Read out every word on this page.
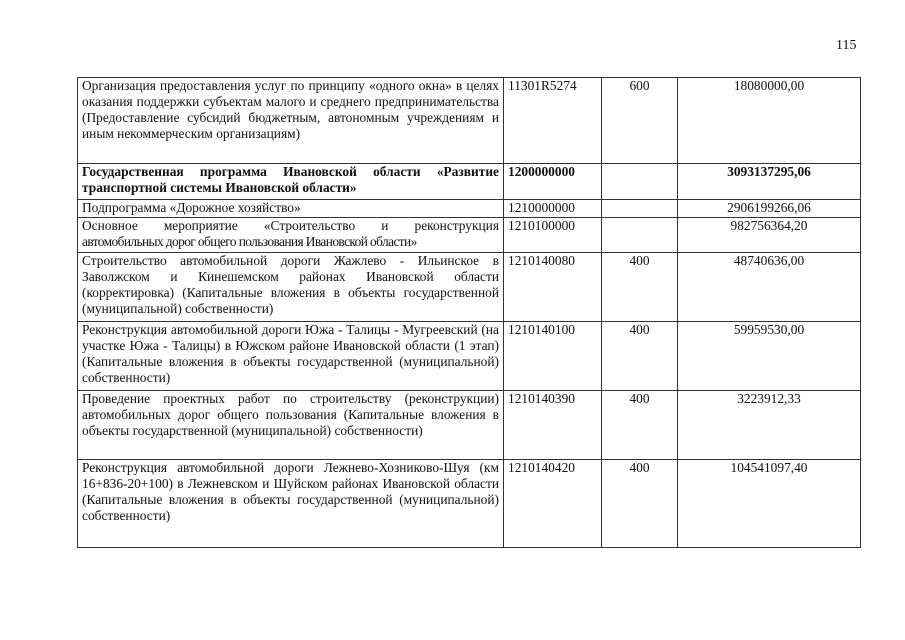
115
Организация предоставления услуг по принципу «одного окна» в целях оказания поддержки субъектам малого и среднего предпринимательства (Предоставление субсидий бюджетным, автономным учреждениям и иным некоммерческим организациям)	11301R5274	600	18080000,00
Государственная программа Ивановской области «Развитие транспортной системы Ивановской области»	1200000000		3093137295,06
Подпрограмма «Дорожное хозяйство»	1210000000		2906199266,06

Основное мероприятие «Строительство и реконструкция
автомобильных дорог общего пользования Ивановской области»	1210100000		982756364,20
Строительство автомобильной дороги Жажлево - Ильинское в Заволжском и Кинешемском районах Ивановской области (корректировка) (Капитальные вложения в объекты государственной (муниципальной) собственности)	1210140080	400	48740636,00
Реконструкция автомобильной дороги Южа - Талицы - Мугреевский (на участке Южа - Талицы) в Южском районе Ивановской области (1 этап) (Капитальные вложения в объекты государственной (муниципальной) собственности)	1210140100	400	59959530,00
Проведение проектных работ по строительству (реконструкции) автомобильных дорог общего пользования (Капитальные вложения в объекты государственной (муниципальной) собственности)	1210140390	400	3223912,33
Реконструкция автомобильной дороги Лежнево-Хозниково-Шуя (км 16+836-20+100) в Лежневском и Шуйском районах Ивановской области (Капитальные вложения в объекты государственной (муниципальной) собственности)	1210140420	400	104541097,40
